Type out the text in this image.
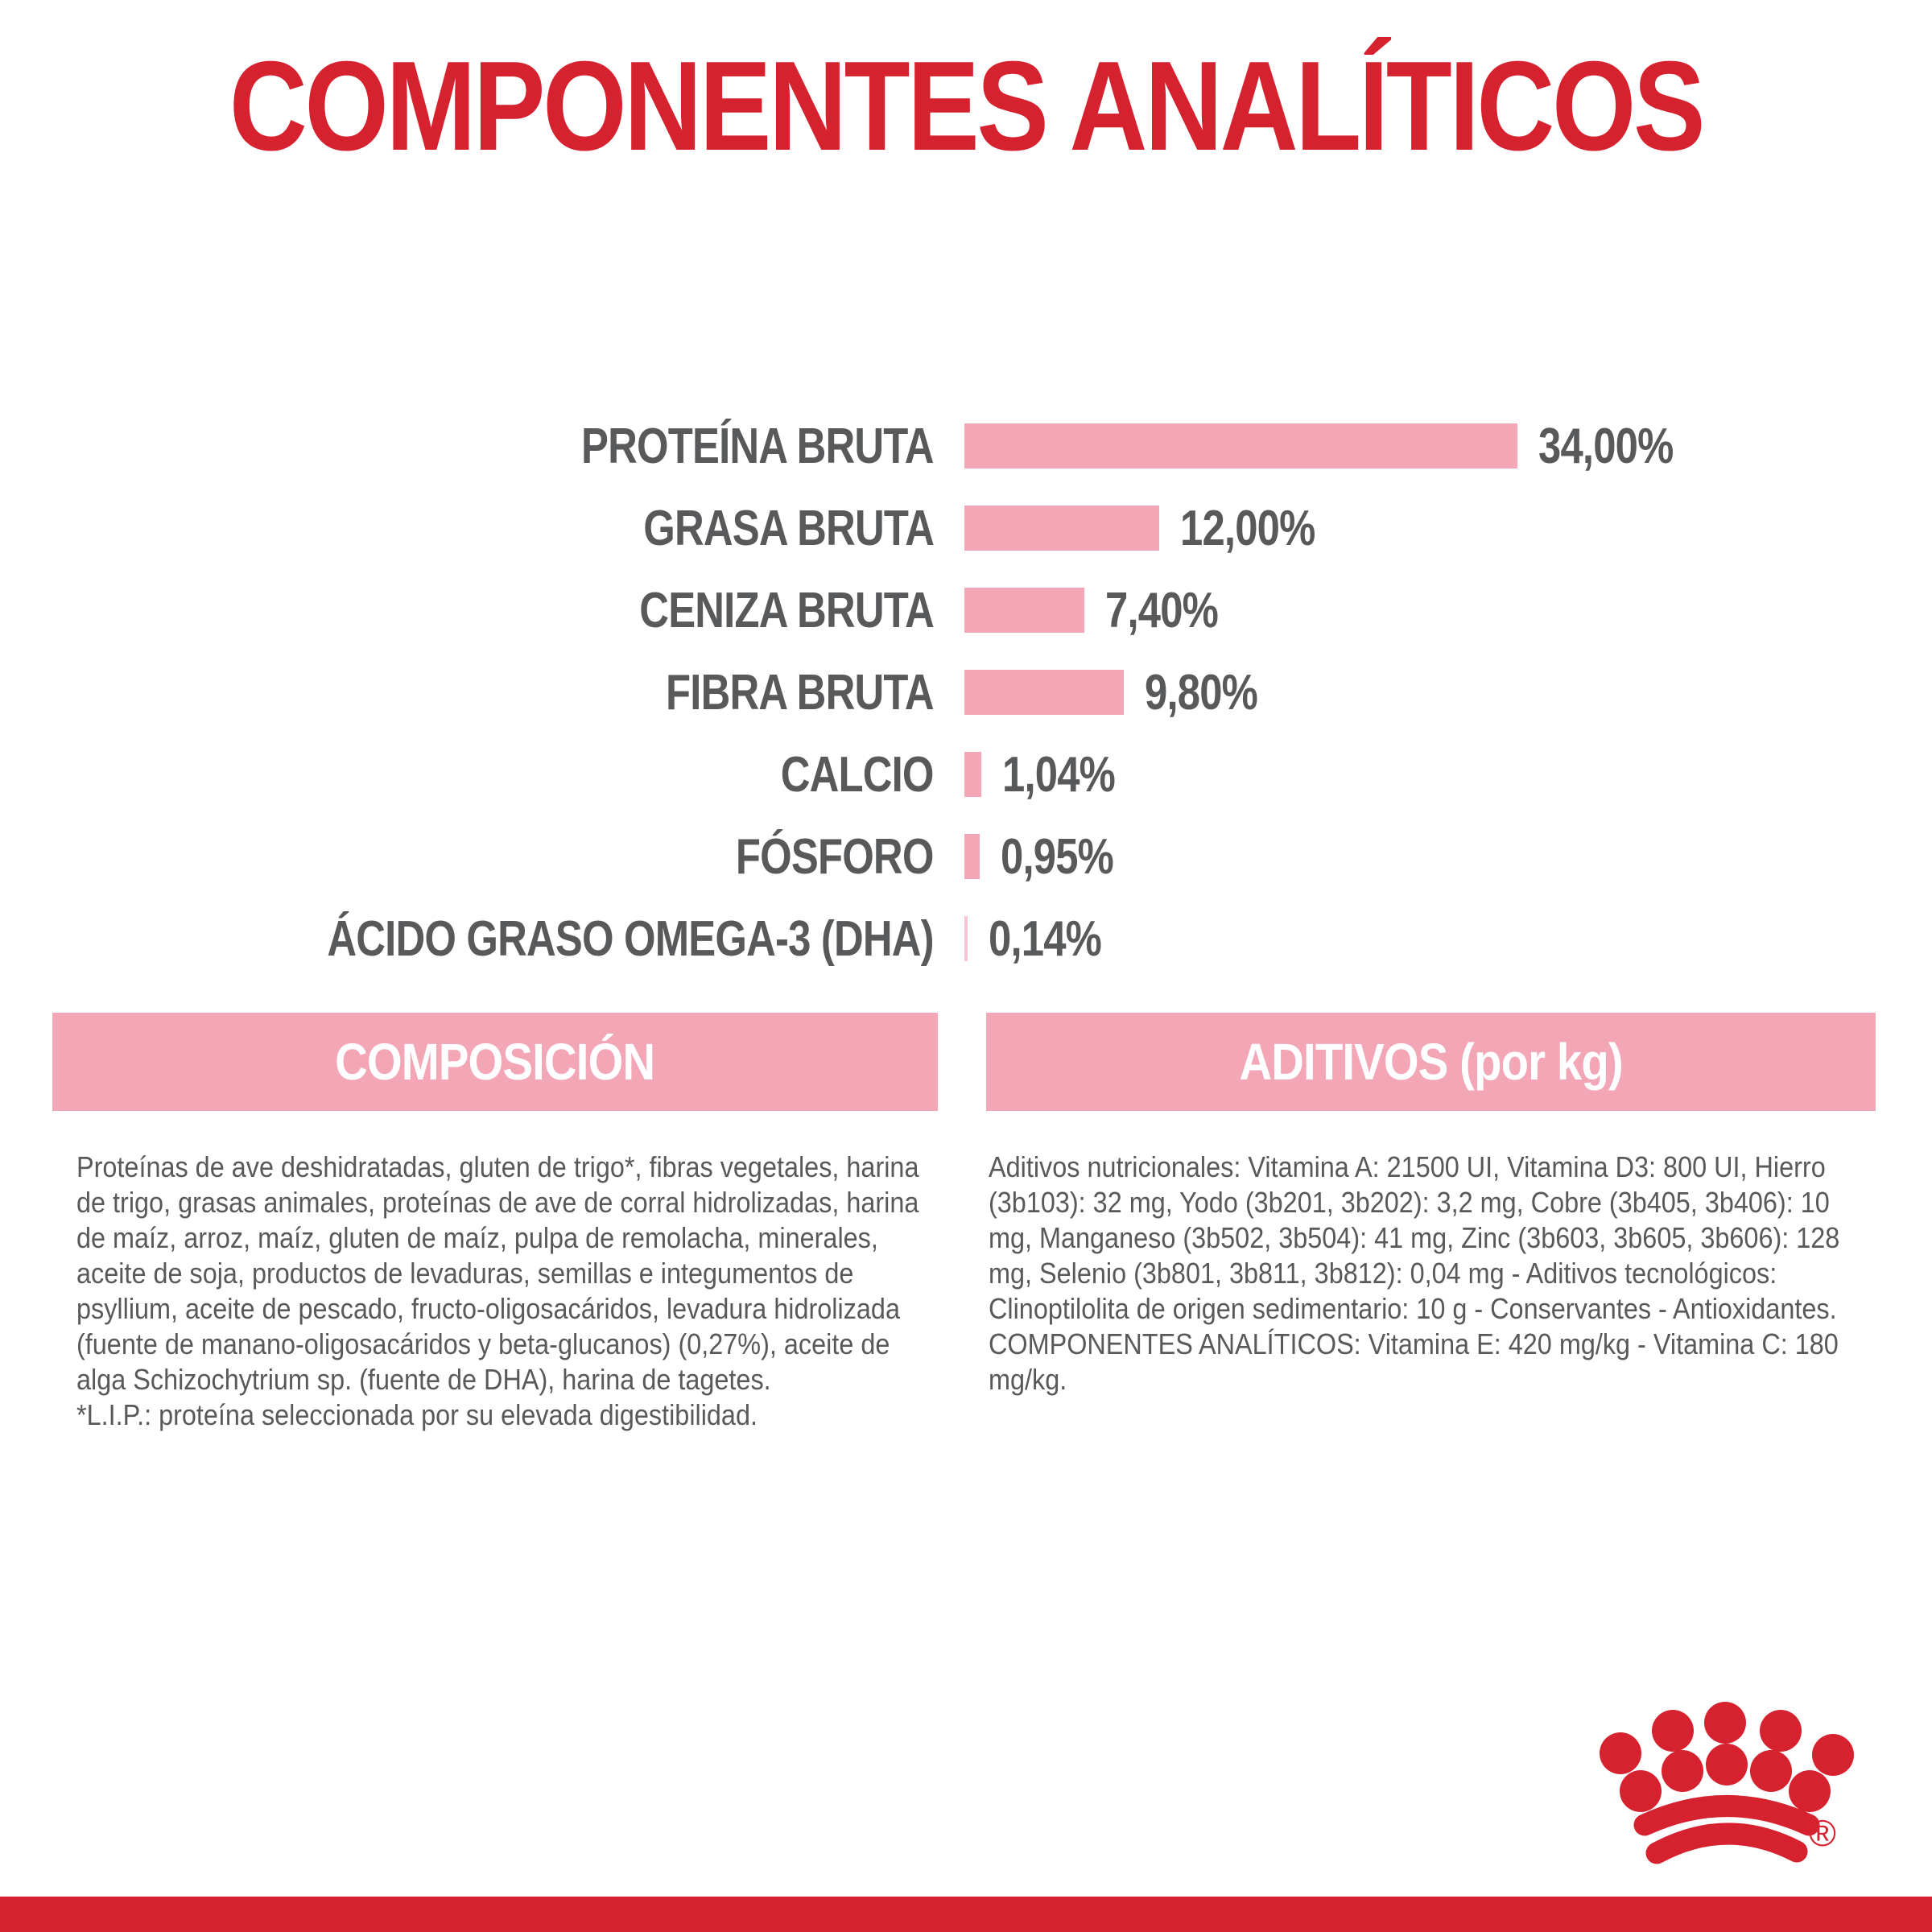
COMPONENTES ANALÍTICOS
PROTEÍNA BRUTA	34,00%
GRASA BRUTA	12,00%
CENIZA BRUTA	7,40%
FIBRA BRUTA	9,80%
CALCIO 1,04%
FÓSFORO 0,95%
ÁCIDO GRASO OMEGA-3 (DHA) 0,14%
COMPOSICIÓN	ADITIVOS (por kg)

Proteínas de ave deshidratadas, gluten de trigo*, fibras vegetales, harina de trigo, grasas animales, proteínas de ave de corral hidrolizadas, harina de maíz, arroz, maíz, gluten de maíz, pulpa de remolacha, minerales, aceite de soja, productos de levaduras, semillas e integumentos de psyllium, aceite de pescado, fructo-oligosacáridos, levadura hidrolizada (fuente de manano-oligosacáridos y beta-glucanos) (0,27%), aceite de alga Schizochytrium sp. (fuente de DHA), harina de tagetes.

*L.I.P.: proteína seleccionada por su elevada digestibilidad.

Aditivos nutricionales: Vitamina A: 21500 UI, Vitamina D3: 800 UI, Hierro (3b103): 32 mg, Yodo (3b201, 3b202): 3,2 mg, Cobre (3b405, 3b406): 10 mg, Manganeso (3b502, 3b504): 41 mg, Zinc (3b603, 3b605, 3b606): 128 mg, Selenio (3b801, 3b811, 3b812): 0,04 mg - Aditivos tecnológicos: Clinoptilolita de origen sedimentario: 10 g - Conservantes - Antioxidantes.

COMPONENTES ANALÍTICOS: Vitamina E: 420 mg/kg - Vitamina C: 180 mg/kg.

®
